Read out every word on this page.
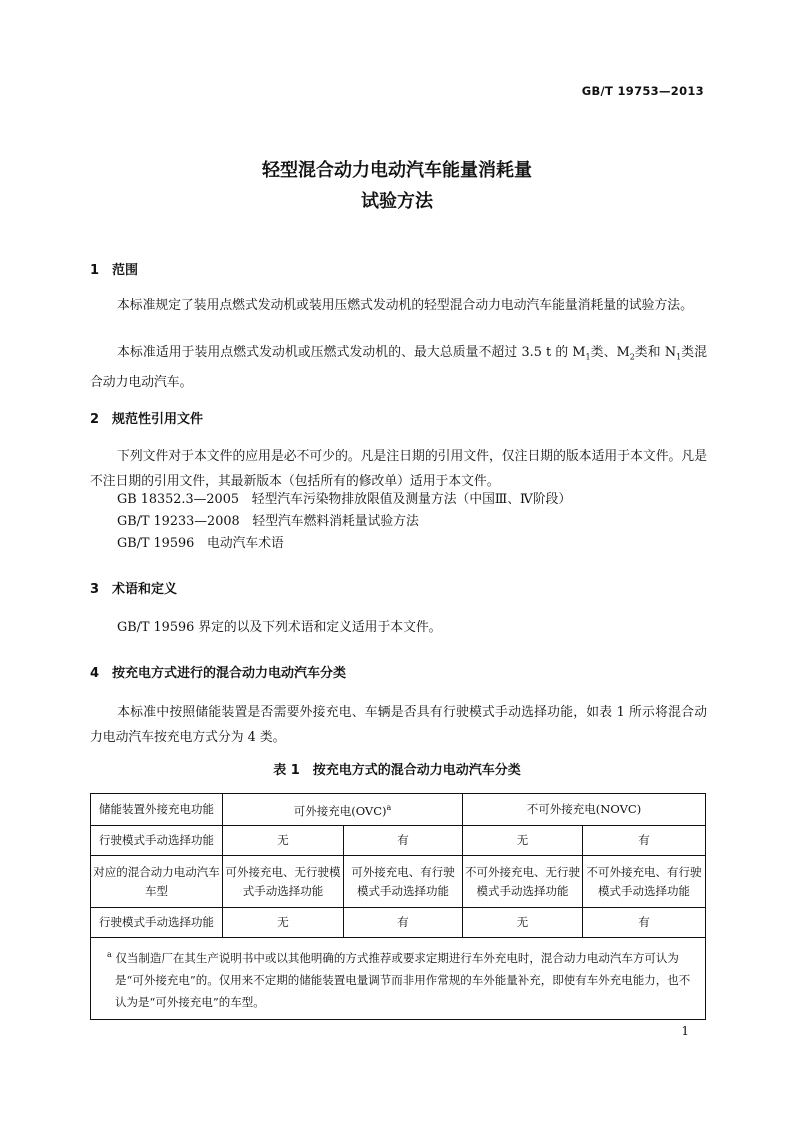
GB/T 19753—2013
轻型混合动力电动汽车能量消耗量
试验方法
1 范围

本标准规定了装用点燃式发动机或装用压燃式发动机的轻型混合动力电动汽车能量消耗量的试验方法。

本标准适用于装用点燃式发动机或压燃式发动机的、最大总质量不超过 3.5 t 的 $M_1$类、$M_2$类和 $N_1$类混合动力电动汽车。

2 规范性引用文件

下列文件对于本文件的应用是必不可少的。凡是注日期的引用文件，仅注日期的版本适用于本文件。凡是不注日期的引用文件，其最新版本（包括所有的修改单）适用于本文件。

GB 18352.3—2005　轻型汽车污染物排放限值及测量方法（中国Ⅲ、Ⅳ阶段）
GB/T 19233—2008　轻型汽车燃料消耗量试验方法
GB/T 19596　电动汽车术语
3 术语和定义

GB/T 19596 界定的以及下列术语和定义适用于本文件。

4 按充电方式进行的混合动力电动汽车分类

本标准中按照储能装置是否需要外接充电、车辆是否具有行驶模式手动选择功能，如表 1 所示将混合动力电动汽车按充电方式分为 4 类。

表 1　按充电方式的混合动力电动汽车分类
储能装置外接充电功能	可外接充电(OVC)$^a$		不可外接充电(NOVC)	
行驶模式手动选择功能	无	有	无	有
对应的混合动力电动汽车车型	可外接充电、无行驶模式手动选择功能	可外接充电、有行驶模式手动选择功能	不可外接充电、无行驶模式手动选择功能	不可外接充电、有行驶模式手动选择功能
行驶模式手动选择功能	无	有	无	有
$^a$ 仅当制造厂在其生产说明书中或以其他明确的方式推荐或要求定期进行车外充电时，混合动力电动汽车方可认为是“可外接充电”的。仅用来不定期的储能装置电量调节而非用作常规的车外能量补充，即使有车外充电能力，也不认为是“可外接充电”的车型。				
1
